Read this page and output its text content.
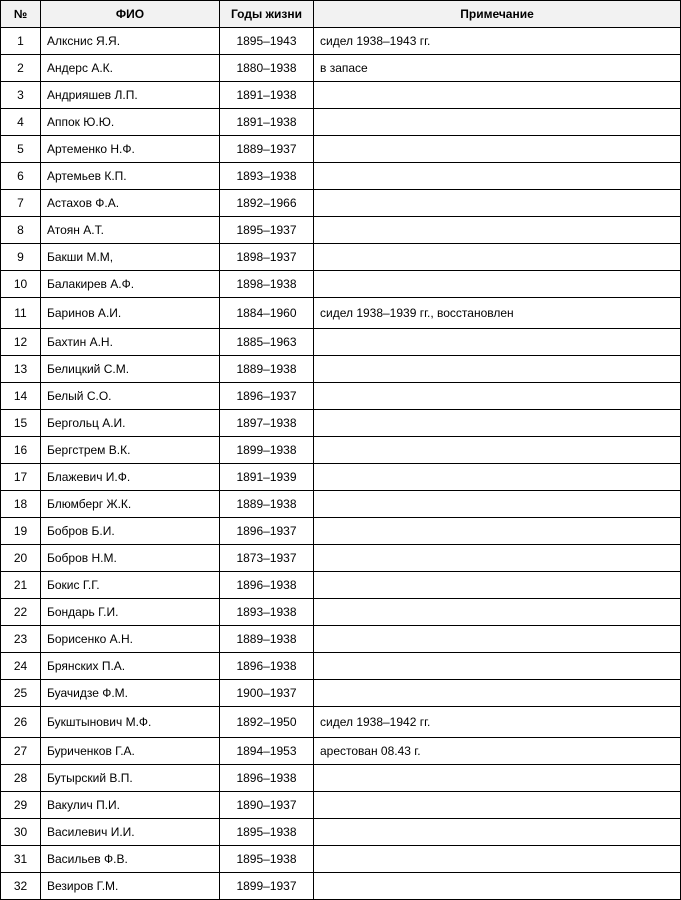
№	ФИО	Годы жизни	Примечание
1	Алкснис Я.Я.	1895–1943	сидел 1938–1943 гг.
2	Андерс А.К.	1880–1938	в запасе
3	Андрияшев Л.П.	1891–1938	
4	Аппок Ю.Ю.	1891–1938	
5	Артеменко Н.Ф.	1889–1937	
6	Артемьев К.П.	1893–1938	
7	Астахов Ф.А.	1892–1966	
8	Атоян А.Т.	1895–1937	
9	Бакши М.М,	1898–1937	
10	Балакирев А.Ф.	1898–1938	
11	Баринов А.И.	1884–1960	сидел 1938–1939 гг., восстановлен
12	Бахтин А.Н.	1885–1963	
13	Белицкий С.М.	1889–1938	
14	Белый С.О.	1896–1937	
15	Бергольц А.И.	1897–1938	
16	Бергстрем В.К.	1899–1938	
17	Блажевич И.Ф.	1891–1939	
18	Блюмберг Ж.К.	1889–1938	
19	Бобров Б.И.	1896–1937	
20	Бобров Н.М.	1873–1937	
21	Бокис Г.Г.	1896–1938	
22	Бондарь Г.И.	1893–1938	
23	Борисенко А.Н.	1889–1938	
24	Брянских П.А.	1896–1938	
25	Буачидзе Ф.М.	1900–1937	
26	Букштынович М.Ф.	1892–1950	сидел 1938–1942 гг.
27	Буриченков Г.А.	1894–1953	арестован 08.43 г.
28	Бутырский В.П.	1896–1938	
29	Вакулич П.И.	1890–1937	
30	Василевич И.И.	1895–1938	
31	Васильев Ф.В.	1895–1938	
32	Везиров Г.М.	1899–1937	
